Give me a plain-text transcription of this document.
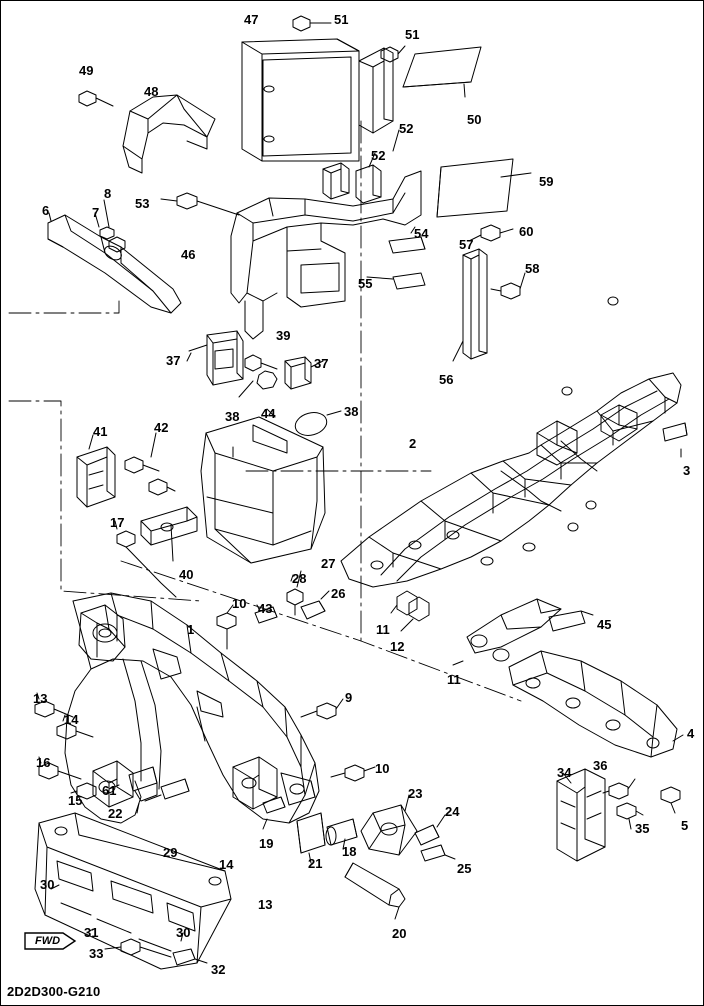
FWD
47	51
51
49
48
50
52
52
59
8
53
6	7
54	60
57
46
58
55
39
56
37	37
38 44	38
2
41	42
3
17
40
27
28
26
10 43
45
11
12
1
11
9
13
14
4
16
15
61
22
10	34 36
23
24
35 5
19
18
25
29
14
13
21
20
30
31	30
33
32
2D2D300-G210
